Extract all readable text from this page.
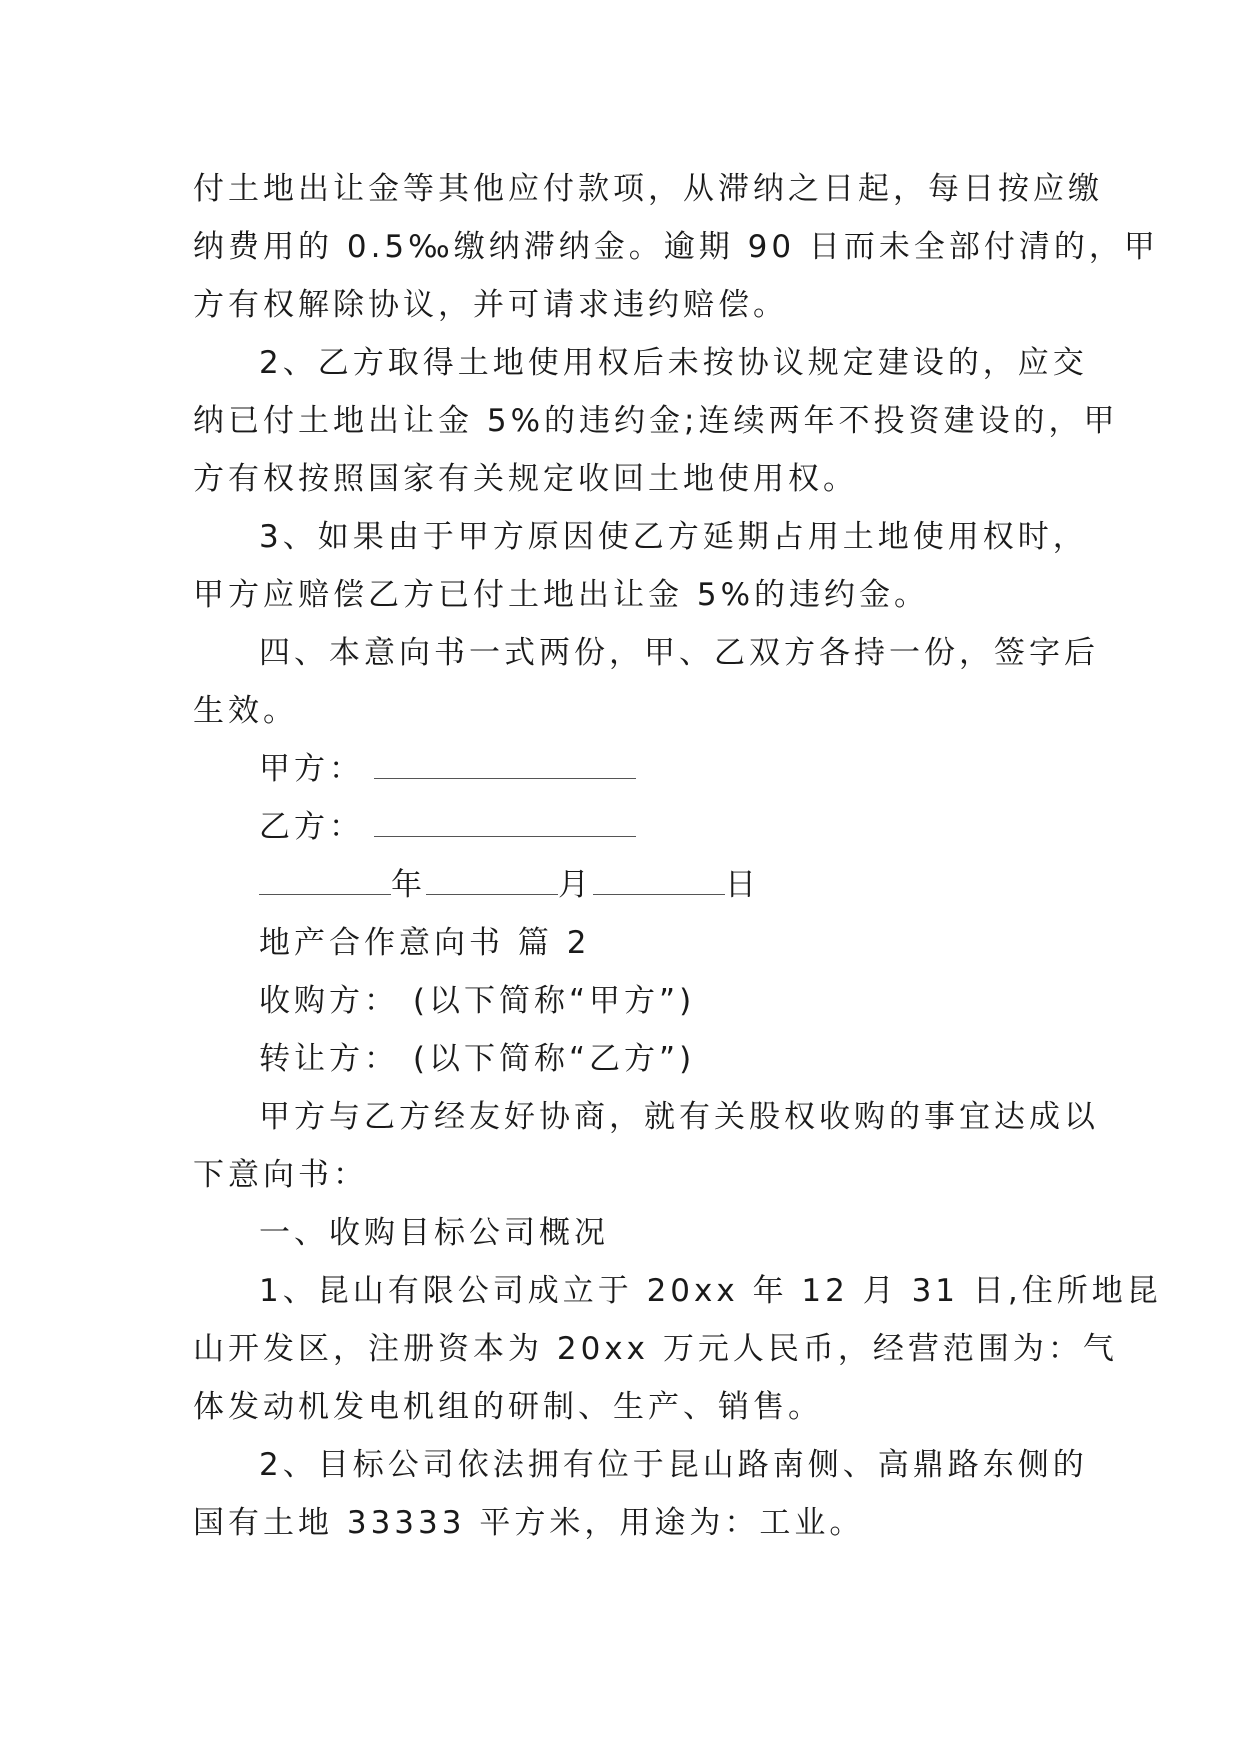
付土地出让金等其他应付款项，从滞纳之日起，每日按应缴
纳费用的 0.5‰缴纳滞纳金。逾期 90 日而未全部付清的，甲
方有权解除协议，并可请求违约赔偿。
2、乙方取得土地使用权后未按协议规定建设的，应交
纳已付土地出让金 5%的违约金;连续两年不投资建设的，甲
方有权按照国家有关规定收回土地使用权。
3、如果由于甲方原因使乙方延期占用土地使用权时，
甲方应赔偿乙方已付土地出让金 5%的违约金。
四、本意向书一式两份，甲、乙双方各持一份，签字后
生效。
甲方：
乙方：
年	月	日
地产合作意向书 篇 2
收购方： (以下简称“甲方”)
转让方： (以下简称“乙方”)
甲方与乙方经友好协商，就有关股权收购的事宜达成以
下意向书：
一、收购目标公司概况
1、昆山有限公司成立于 20xx 年 12 月 31 日,住所地昆
山开发区，注册资本为 20xx 万元人民币，经营范围为：气
体发动机发电机组的研制、生产、销售。
2、目标公司依法拥有位于昆山路南侧、高鼎路东侧的
国有土地 33333 平方米，用途为：工业。
